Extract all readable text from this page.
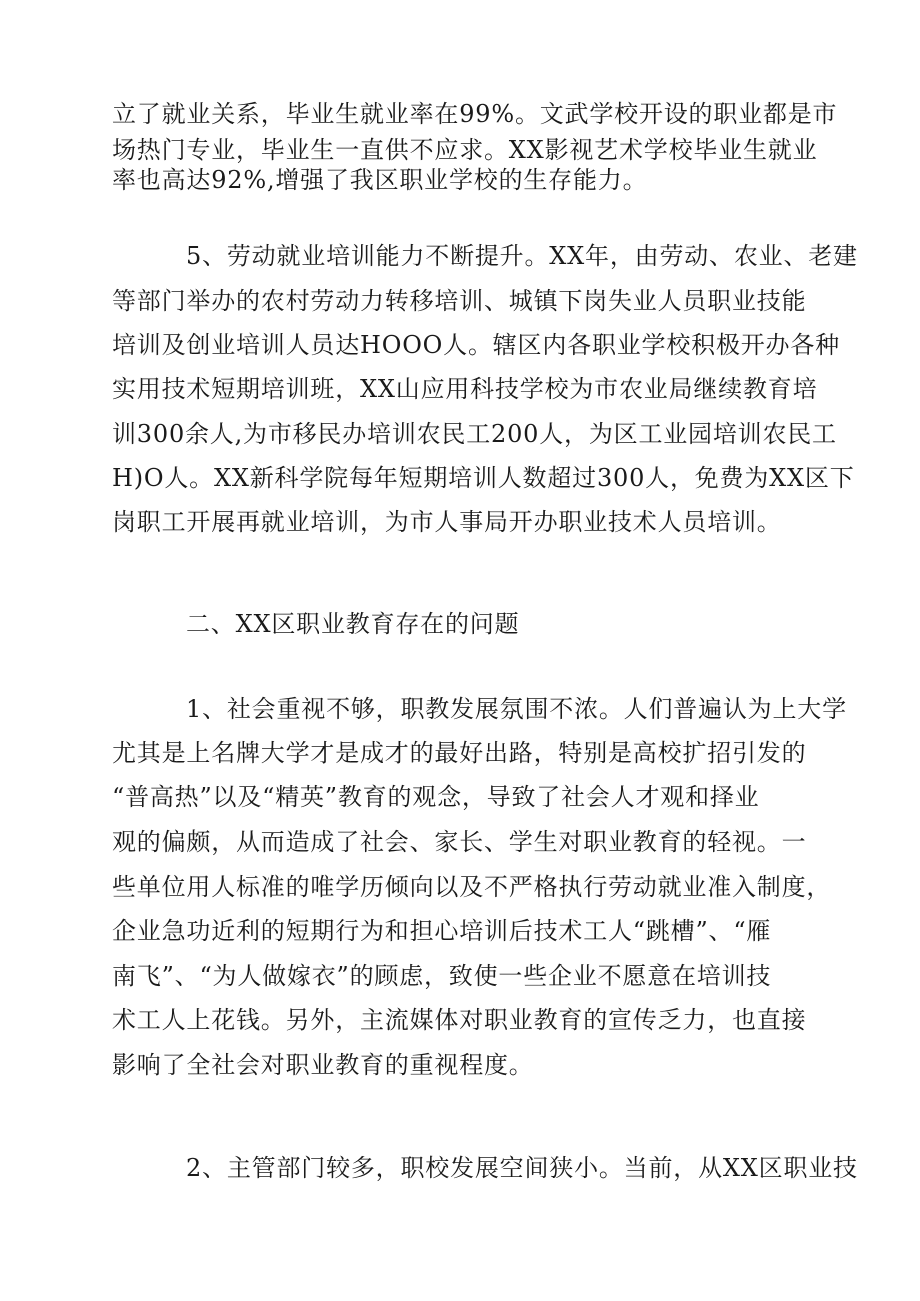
立了就业关系，毕业生就业率在99%。文武学校开设的职业都是市
场热门专业，毕业生一直供不应求。XX影视艺术学校毕业生就业
率也高达92%,增强了我区职业学校的生存能力。
5、劳动就业培训能力不断提升。XX年，由劳动、农业、老建
等部门举办的农村劳动力转移培训、城镇下岗失业人员职业技能
培训及创业培训人员达HOOO人。辖区内各职业学校积极开办各种
实用技术短期培训班，XX山应用科技学校为市农业局继续教育培
训300余人,为市移民办培训农民工200人，为区工业园培训农民工
H)O人。XX新科学院每年短期培训人数超过300人，免费为XX区下
岗职工开展再就业培训，为市人事局开办职业技术人员培训。
二、XX区职业教育存在的问题
1、社会重视不够，职教发展氛围不浓。人们普遍认为上大学
尤其是上名牌大学才是成才的最好出路，特别是高校扩招引发的
“普高热”以及“精英”教育的观念，导致了社会人才观和择业
观的偏颇，从而造成了社会、家长、学生对职业教育的轻视。一
些单位用人标准的唯学历倾向以及不严格执行劳动就业准入制度，
企业急功近利的短期行为和担心培训后技术工人“跳槽”、“雁
南飞”、“为人做嫁衣”的顾虑，致使一些企业不愿意在培训技
术工人上花钱。另外，主流媒体对职业教育的宣传乏力，也直接
影响了全社会对职业教育的重视程度。
2、主管部门较多，职校发展空间狭小。当前，从XX区职业技
